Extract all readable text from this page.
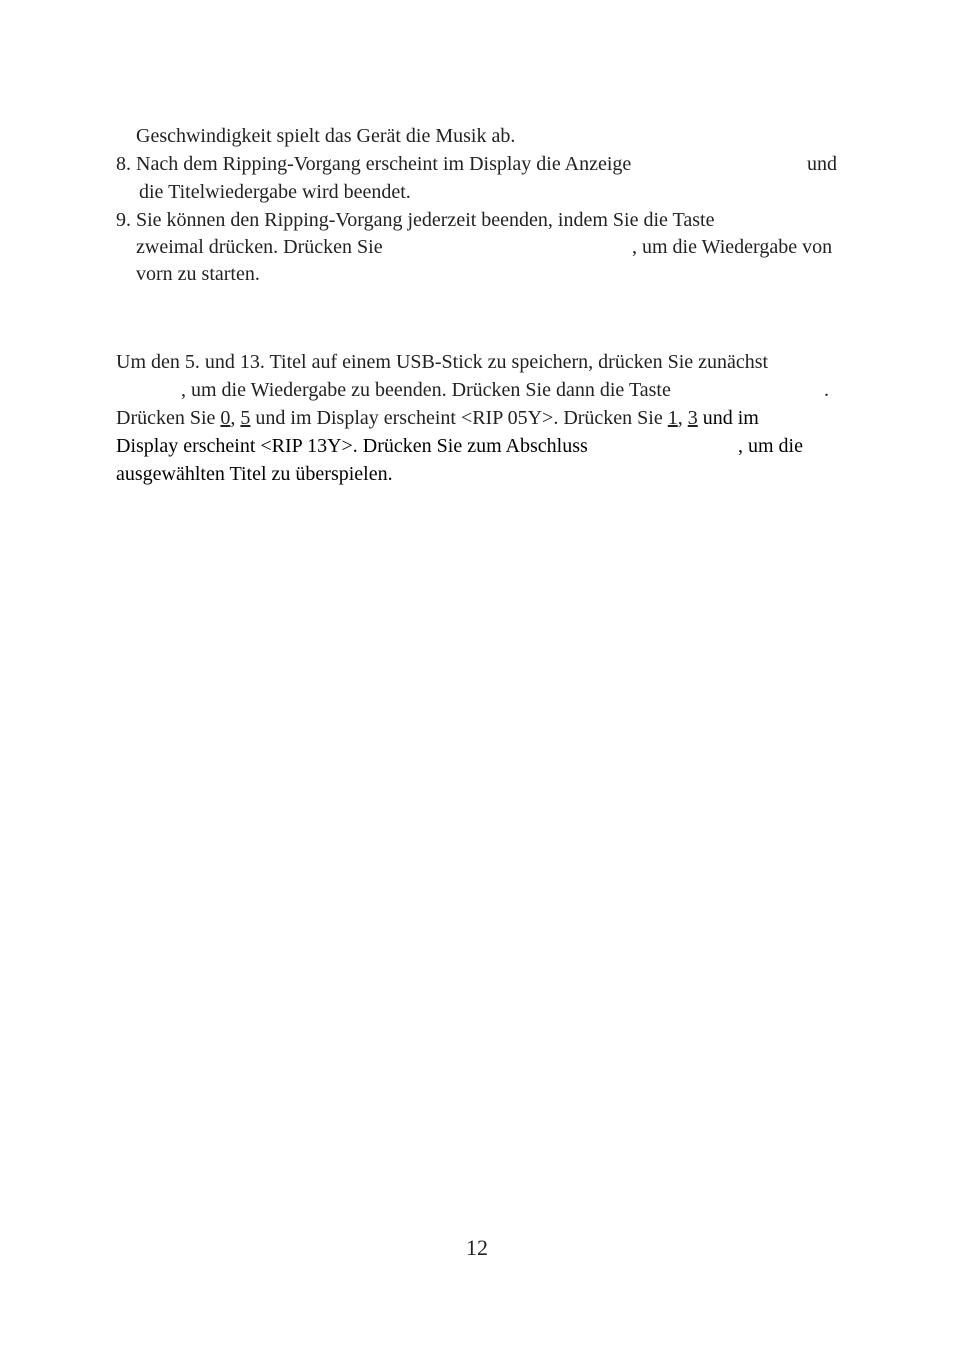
Geschwindigkeit spielt das Gerät die Musik ab.
8. Nach dem Ripping-Vorgang erscheint im Display die Anzeige	und
die Titelwiedergabe wird beendet.
9. Sie können den Ripping-Vorgang jederzeit beenden, indem Sie die Taste
zweimal drücken. Drücken Sie	, um die Wiedergabe von
vorn zu starten.
Um den 5. und 13. Titel auf einem USB-Stick zu speichern, drücken Sie zunächst
, um die Wiedergabe zu beenden. Drücken Sie dann die Taste	.
Drücken Sie 0, 5 und im Display erscheint <RIP 05Y>. Drücken Sie 1, 3 und im
Display erscheint <RIP 13Y>. Drücken Sie zum Abschluss	, um die
ausgewählten Titel zu überspielen.
12
